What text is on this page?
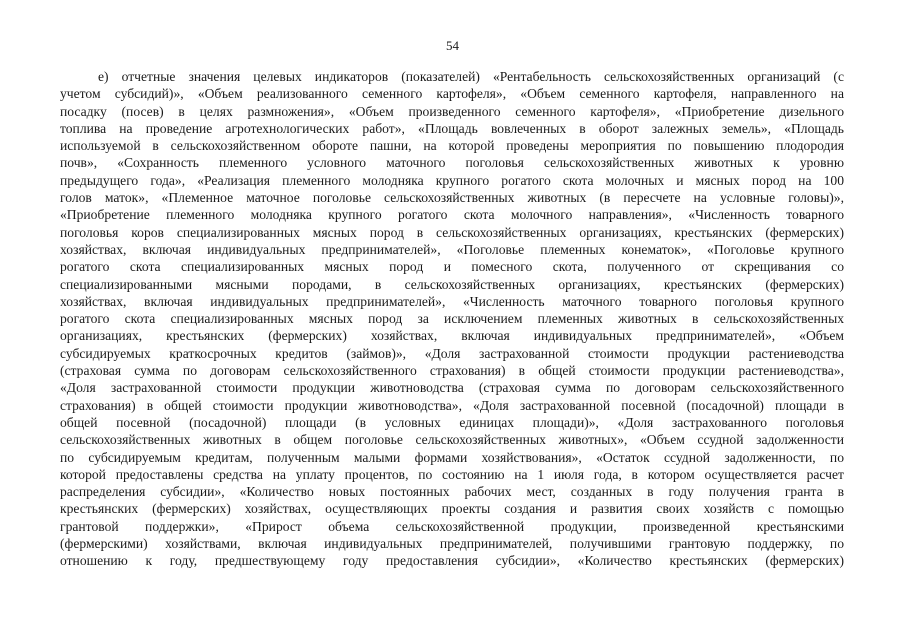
54
е) отчетные значения целевых индикаторов (показателей) «Рентабельность сельскохозяйственных организаций (с
учетом субсидий)», «Объем реализованного семенного картофеля», «Объем семенного картофеля, направленного на
посадку (посев) в целях размножения», «Объем произведенного семенного картофеля», «Приобретение дизельного
топлива на проведение агротехнологических работ», «Площадь вовлеченных в оборот залежных земель», «Площадь
используемой в сельскохозяйственном обороте пашни, на которой проведены мероприятия по повышению плодородия
почв», «Сохранность племенного условного маточного поголовья сельскохозяйственных животных к уровню
предыдущего года», «Реализация племенного молодняка крупного рогатого скота молочных и мясных пород на 100
голов маток», «Племенное маточное поголовье сельскохозяйственных животных (в пересчете на условные головы)»,
«Приобретение племенного молодняка крупного рогатого скота молочного направления», «Численность товарного
поголовья коров специализированных мясных пород в сельскохозяйственных организациях, крестьянских (фермерских)
хозяйствах, включая индивидуальных предпринимателей», «Поголовье племенных конематок», «Поголовье крупного
рогатого скота специализированных мясных пород и помесного скота, полученного от скрещивания со
специализированными мясными породами, в сельскохозяйственных организациях, крестьянских (фермерских)
хозяйствах, включая индивидуальных предпринимателей», «Численность маточного товарного поголовья крупного
рогатого скота специализированных мясных пород за исключением племенных животных в сельскохозяйственных
организациях, крестьянских (фермерских) хозяйствах, включая индивидуальных предпринимателей», «Объем
субсидируемых краткосрочных кредитов (займов)», «Доля застрахованной стоимости продукции растениеводства
(страховая сумма по договорам сельскохозяйственного страхования) в общей стоимости продукции растениеводства»,
«Доля застрахованной стоимости продукции животноводства (страховая сумма по договорам сельскохозяйственного
страхования) в общей стоимости продукции животноводства», «Доля застрахованной посевной (посадочной) площади в
общей посевной (посадочной) площади (в условных единицах площади)», «Доля застрахованного поголовья
сельскохозяйственных животных в общем поголовье сельскохозяйственных животных», «Объем ссудной задолженности
по субсидируемым кредитам, полученным малыми формами хозяйствования», «Остаток ссудной задолженности, по
которой предоставлены средства на уплату процентов, по состоянию на 1 июля года, в котором осуществляется расчет
распределения субсидии», «Количество новых постоянных рабочих мест, созданных в году получения гранта в
крестьянских (фермерских) хозяйствах, осуществляющих проекты создания и развития своих хозяйств с помощью
грантовой поддержки», «Прирост объема сельскохозяйственной продукции, произведенной крестьянскими
(фермерскими) хозяйствами, включая индивидуальных предпринимателей, получившими грантовую поддержку, по
отношению к году, предшествующему году предоставления субсидии», «Количество крестьянских (фермерских)
